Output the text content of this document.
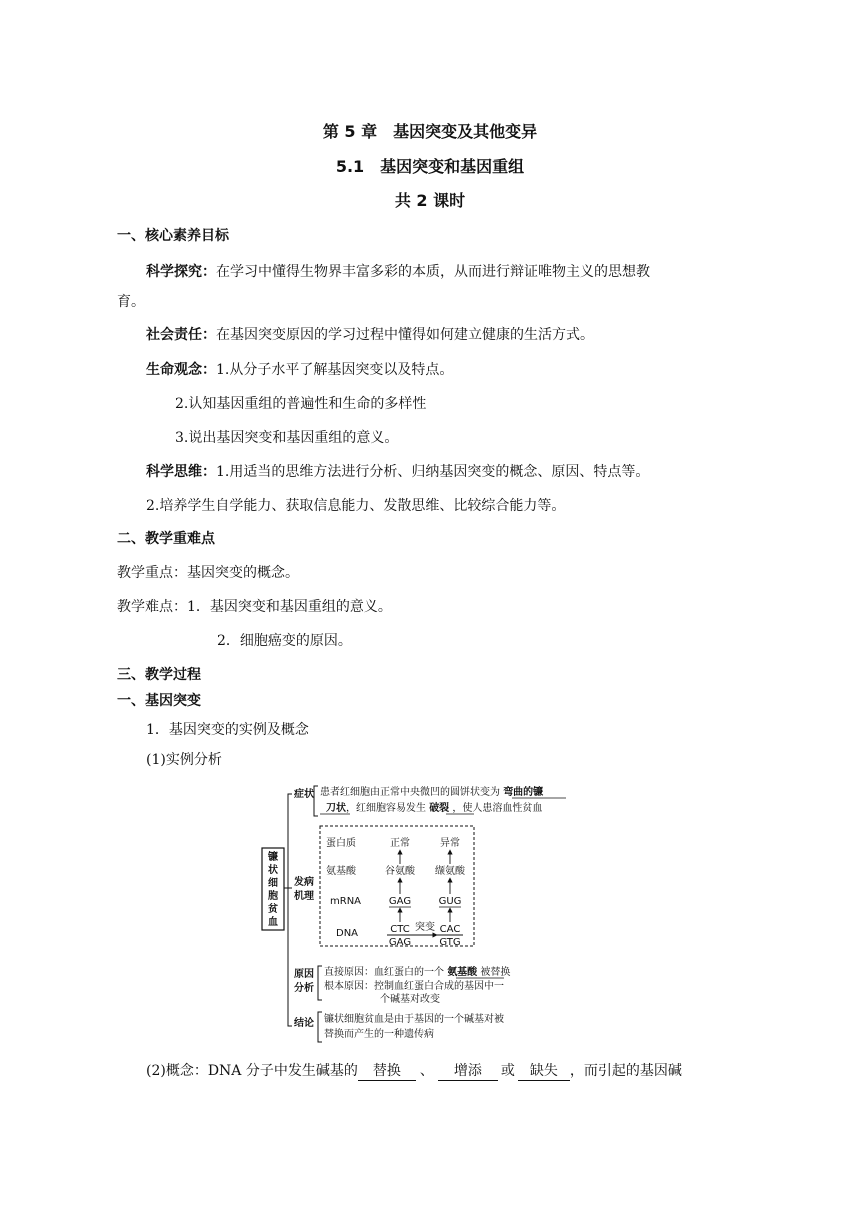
第 5 章　基因突变及其他变异
5.1　基因突变和基因重组
共 2 课时
一、核心素养目标
科学探究：在学习中懂得生物界丰富多彩的本质，从而进行辩证唯物主义的思想教
育。
社会责任：在基因突变原因的学习过程中懂得如何建立健康的生活方式。
生命观念：1.从分子水平了解基因突变以及特点。
2.认知基因重组的普遍性和生命的多样性
3.说出基因突变和基因重组的意义。
科学思维：1.用适当的思维方法进行分析、归纳基因突变的概念、原因、特点等。
2.培养学生自学能力、获取信息能力、发散思维、比较综合能力等。
二、教学重难点
教学重点：基因突变的概念。
教学难点：1．基因突变和基因重组的意义。
2．细胞癌变的原因。
三、教学过程
一、基因突变
1．基因突变的实例及概念
(1)实例分析
镰
状
细
胞
贫
血
症状 患者红细胞由正常中央微凹的圆饼状变为 弯曲的镰
刀状，红细胞容易发生 破裂 ，使人患溶血性贫血
发病
机理
蛋白质
氨基酸
mRNA
DNA
正常	异常
谷氨酸 缬氨酸
GAG	GUG
CTC
GAG
CAC
GTG
突变
原因
分析
直接原因：血红蛋白的一个 氨基酸 被替换
根本原因：控制血红蛋白合成的基因中一
个碱基对改变
结论 镰状细胞贫血是由于基因的一个碱基对被
替换而产生的一种遗传病
(2)概念：DNA 分子中发生碱基的 替换 、 增添 或 缺失 ，而引起的基因碱
